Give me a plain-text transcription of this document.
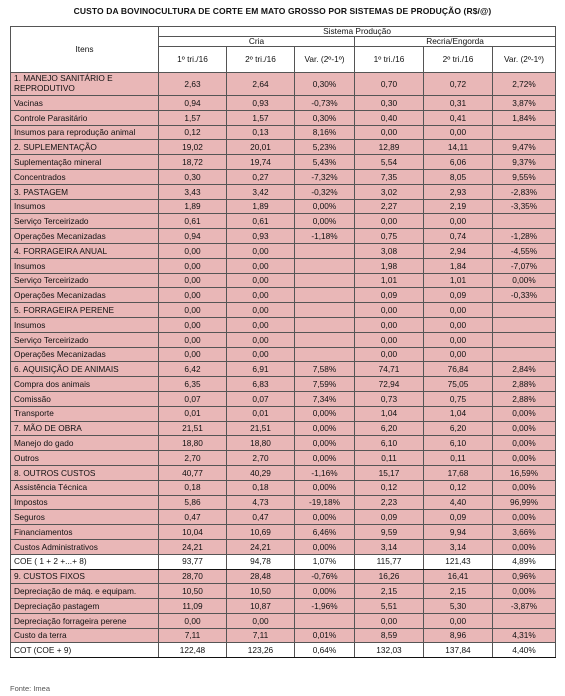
CUSTO DA BOVINOCULTURA DE CORTE EM MATO GROSSO POR SISTEMAS DE PRODUÇÃO (R$/@)
Itens	Sistema Produção					
	Cria			Recria/Engorda		
	1º tri./16	2º tri./16	Var. (2º-1º)	1º tri./16	2º tri./16	Var. (2º-1º)
1. MANEJO SANITÁRIO E REPRODUTIVO	2,63	2,64	0,30%	0,70	0,72	2,72%
Vacinas	0,94	0,93	-0,73%	0,30	0,31	3,87%
Controle Parasitário	1,57	1,57	0,30%	0,40	0,41	1,84%
Insumos para reprodução animal	0,12	0,13	8,16%	0,00	0,00	
2. SUPLEMENTAÇÃO	19,02	20,01	5,23%	12,89	14,11	9,47%
Suplementação mineral	18,72	19,74	5,43%	5,54	6,06	9,37%
Concentrados	0,30	0,27	-7,32%	7,35	8,05	9,55%
3. PASTAGEM	3,43	3,42	-0,32%	3,02	2,93	-2,83%
Insumos	1,89	1,89	0,00%	2,27	2,19	-3,35%
Serviço Terceirizado	0,61	0,61	0,00%	0,00	0,00	
Operações Mecanizadas	0,94	0,93	-1,18%	0,75	0,74	-1,28%
4. FORRAGEIRA ANUAL	0,00	0,00		3,08	2,94	-4,55%
Insumos	0,00	0,00		1,98	1,84	-7,07%
Serviço Terceirizado	0,00	0,00		1,01	1,01	0,00%
Operações Mecanizadas	0,00	0,00		0,09	0,09	-0,33%
5. FORRAGEIRA PERENE	0,00	0,00		0,00	0,00	
Insumos	0,00	0,00		0,00	0,00	
Serviço Terceirizado	0,00	0,00		0,00	0,00	
Operações Mecanizadas	0,00	0,00		0,00	0,00	
6. AQUISIÇÃO DE ANIMAIS	6,42	6,91	7,58%	74,71	76,84	2,84%
Compra dos animais	6,35	6,83	7,59%	72,94	75,05	2,88%
Comissão	0,07	0,07	7,34%	0,73	0,75	2,88%
Transporte	0,01	0,01	0,00%	1,04	1,04	0,00%
7. MÃO DE OBRA	21,51	21,51	0,00%	6,20	6,20	0,00%
Manejo do gado	18,80	18,80	0,00%	6,10	6,10	0,00%
Outros	2,70	2,70	0,00%	0,11	0,11	0,00%
8. OUTROS CUSTOS	40,77	40,29	-1,16%	15,17	17,68	16,59%
Assistência Técnica	0,18	0,18	0,00%	0,12	0,12	0,00%
Impostos	5,86	4,73	-19,18%	2,23	4,40	96,99%
Seguros	0,47	0,47	0,00%	0,09	0,09	0,00%
Financiamentos	10,04	10,69	6,46%	9,59	9,94	3,66%
Custos Administrativos	24,21	24,21	0,00%	3,14	3,14	0,00%
COE ( 1 + 2 +...+ 8)	93,77	94,78	1,07%	115,77	121,43	4,89%
9. CUSTOS FIXOS	28,70	28,48	-0,76%	16,26	16,41	0,96%
Depreciação de máq. e equipam.	10,50	10,50	0,00%	2,15	2,15	0,00%
Depreciação pastagem	11,09	10,87	-1,96%	5,51	5,30	-3,87%
Depreciação forrageira perene	0,00	0,00		0,00	0,00	
Custo da terra	7,11	7,11	0,01%	8,59	8,96	4,31%
COT (COE + 9)	122,48	123,26	0,64%	132,03	137,84	4,40%
Fonte: Imea
